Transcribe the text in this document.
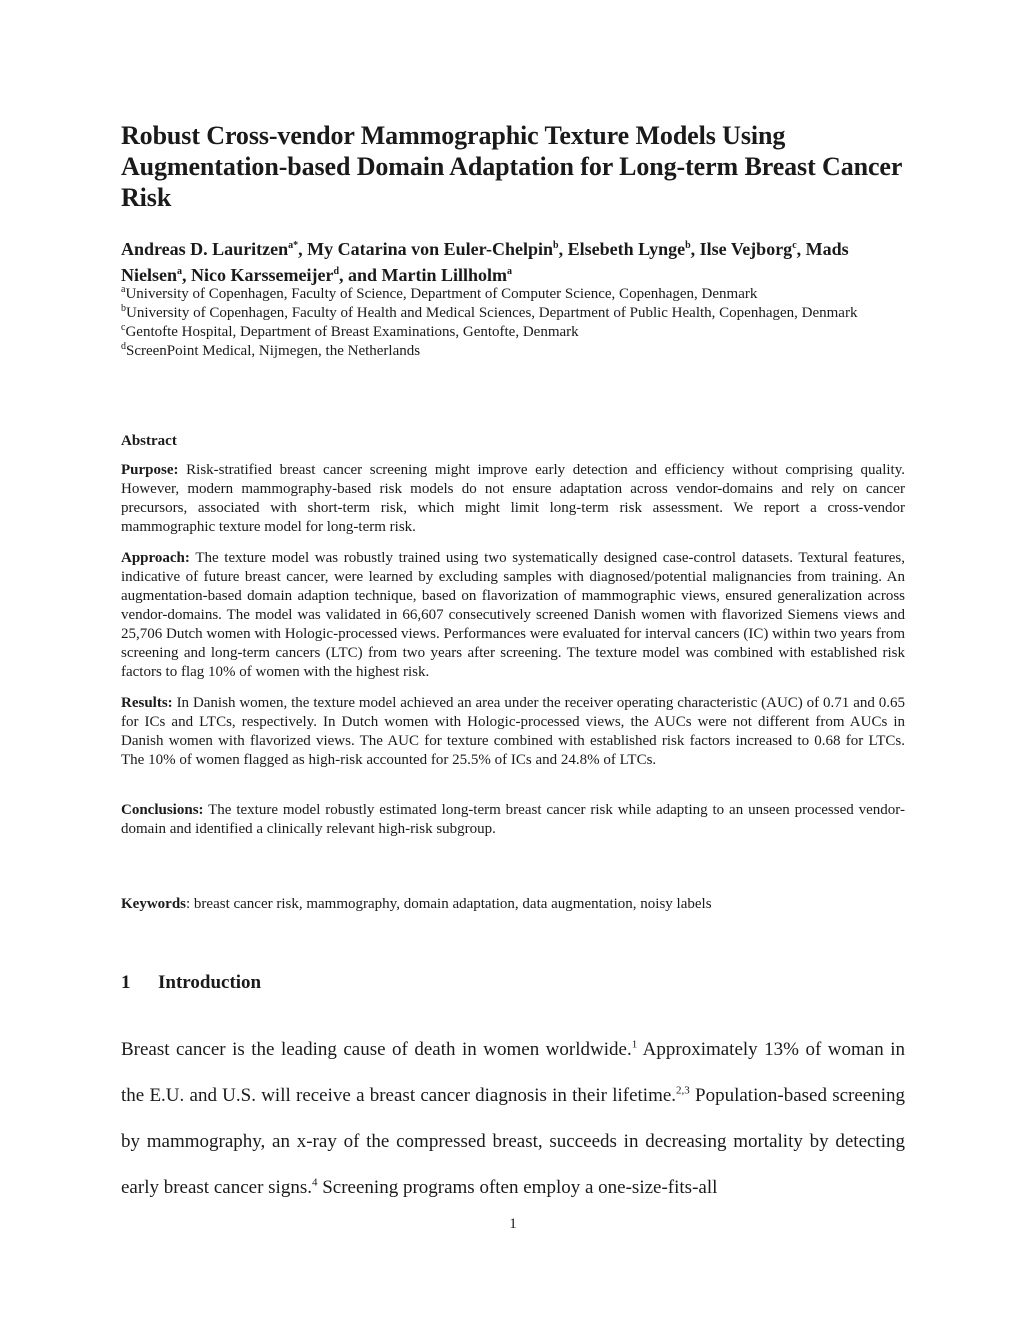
Robust Cross-vendor Mammographic Texture Models Using Augmentation-based Domain Adaptation for Long-term Breast Cancer Risk

Andreas D. Lauritzen$^{a*}$, My Catarina von Euler-Chelpin$^b$, Elsebeth Lynge$^b$, Ilse Vejborg$^c$, Mads Nielsen$^a$, Nico Karssemeijer$^d$, and Martin Lillholm$^a$

$^a$University of Copenhagen, Faculty of Science, Department of Computer Science, Copenhagen, Denmark

$^b$University of Copenhagen, Faculty of Health and Medical Sciences, Department of Public Health, Copenhagen, Denmark

$^c$Gentofte Hospital, Department of Breast Examinations, Gentofte, Denmark

$^d$ScreenPoint Medical, Nijmegen, the Netherlands

Abstract

Purpose: Risk-stratified breast cancer screening might improve early detection and efficiency without comprising quality. However, modern mammography-based risk models do not ensure adaptation across vendor-domains and rely on cancer precursors, associated with short-term risk, which might limit long-term risk assessment. We report a cross-vendor mammographic texture model for long-term risk.

Approach: The texture model was robustly trained using two systematically designed case-control datasets. Textural features, indicative of future breast cancer, were learned by excluding samples with diagnosed/potential malignancies from training. An augmentation-based domain adaption technique, based on flavorization of mammographic views, ensured generalization across vendor-domains. The model was validated in 66,607 consecutively screened Danish women with flavorized Siemens views and 25,706 Dutch women with Hologic-processed views. Performances were evaluated for interval cancers (IC) within two years from screening and long-term cancers (LTC) from two years after screening. The texture model was combined with established risk factors to flag 10% of women with the highest risk.

Results: In Danish women, the texture model achieved an area under the receiver operating characteristic (AUC) of 0.71 and 0.65 for ICs and LTCs, respectively. In Dutch women with Hologic-processed views, the AUCs were not different from AUCs in Danish women with flavorized views. The AUC for texture combined with established risk factors increased to 0.68 for LTCs. The 10% of women flagged as high-risk accounted for 25.5% of ICs and 24.8% of LTCs.

Conclusions: The texture model robustly estimated long-term breast cancer risk while adapting to an unseen processed vendor-domain and identified a clinically relevant high-risk subgroup.

Keywords: breast cancer risk, mammography, domain adaptation, data augmentation, noisy labels

1 Introduction

Breast cancer is the leading cause of death in women worldwide.$^1$ Approximately 13% of woman in the E.U. and U.S. will receive a breast cancer diagnosis in their lifetime.$^{2,3}$ Population-based screening by mammography, an x-ray of the compressed breast, succeeds in decreasing mortality by detecting early breast cancer signs.$^4$ Screening programs often employ a one-size-fits-all

1
